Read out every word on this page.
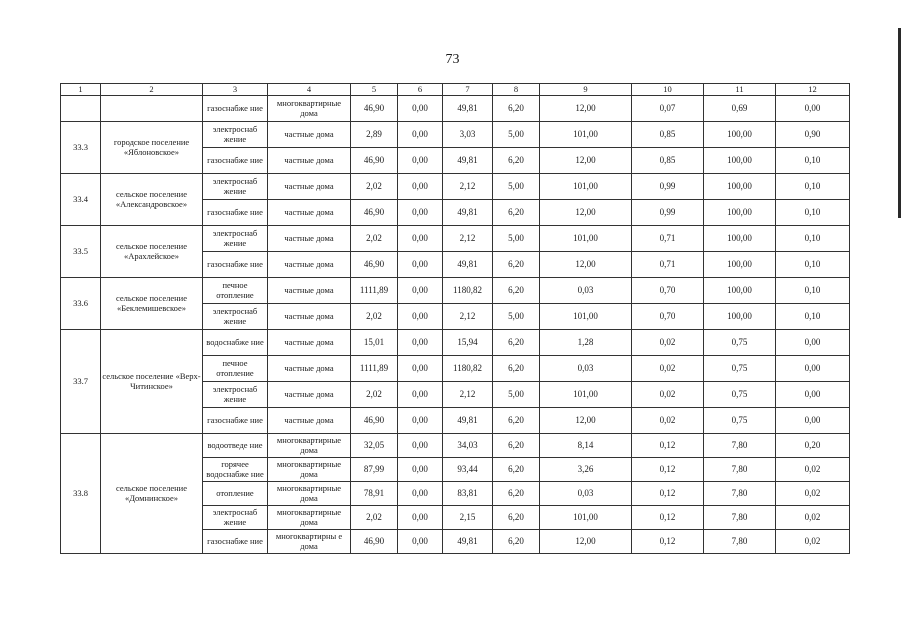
73
1	2	3	4	5	6	7	8	9	10	11	12
		газоснабже ние	многоквартирные дома	46,90	0,00	49,81	6,20	12,00	0,07	0,69	0,00
33.3	городское поселение «Яблоновское»	электроснаб жение	частные дома	2,89	0,00	3,03	5,00	101,00	0,85	100,00	0,90
		газоснабже ние	частные дома	46,90	0,00	49,81	6,20	12,00	0,85	100,00	0,10
33.4	сельское поселение «Александровское»	электроснаб жение	частные дома	2,02	0,00	2,12	5,00	101,00	0,99	100,00	0,10
		газоснабже ние	частные дома	46,90	0,00	49,81	6,20	12,00	0,99	100,00	0,10
33.5	сельское поселение «Арахлейское»	электроснаб жение	частные дома	2,02	0,00	2,12	5,00	101,00	0,71	100,00	0,10
		газоснабже ние	частные дома	46,90	0,00	49,81	6,20	12,00	0,71	100,00	0,10
33.6	сельское поселение «Беклемишевское»	печное отопление	частные дома	1111,89	0,00	1180,82	6,20	0,03	0,70	100,00	0,10
		электроснаб жение	частные дома	2,02	0,00	2,12	5,00	101,00	0,70	100,00	0,10
33.7	сельское поселение «Верх-Читинское»	водоснабже ние	частные дома	15,01	0,00	15,94	6,20	1,28	0,02	0,75	0,00
		печное отопление	частные дома	1111,89	0,00	1180,82	6,20	0,03	0,02	0,75	0,00
		электроснаб жение	частные дома	2,02	0,00	2,12	5,00	101,00	0,02	0,75	0,00
		газоснабже ние	частные дома	46,90	0,00	49,81	6,20	12,00	0,02	0,75	0,00
33.8	сельское поселение «Домнинское»	водоотведе ние	многоквартирные дома	32,05	0,00	34,03	6,20	8,14	0,12	7,80	0,20
		горячее водоснабже ние	многоквартирные дома	87,99	0,00	93,44	6,20	3,26	0,12	7,80	0,02
		отопление	многоквартирные дома	78,91	0,00	83,81	6,20	0,03	0,12	7,80	0,02
		электроснаб жение	многоквартирные дома	2,02	0,00	2,15	6,20	101,00	0,12	7,80	0,02
		газоснабже ние	многоквартирны е дома	46,90	0,00	49,81	6,20	12,00	0,12	7,80	0,02
